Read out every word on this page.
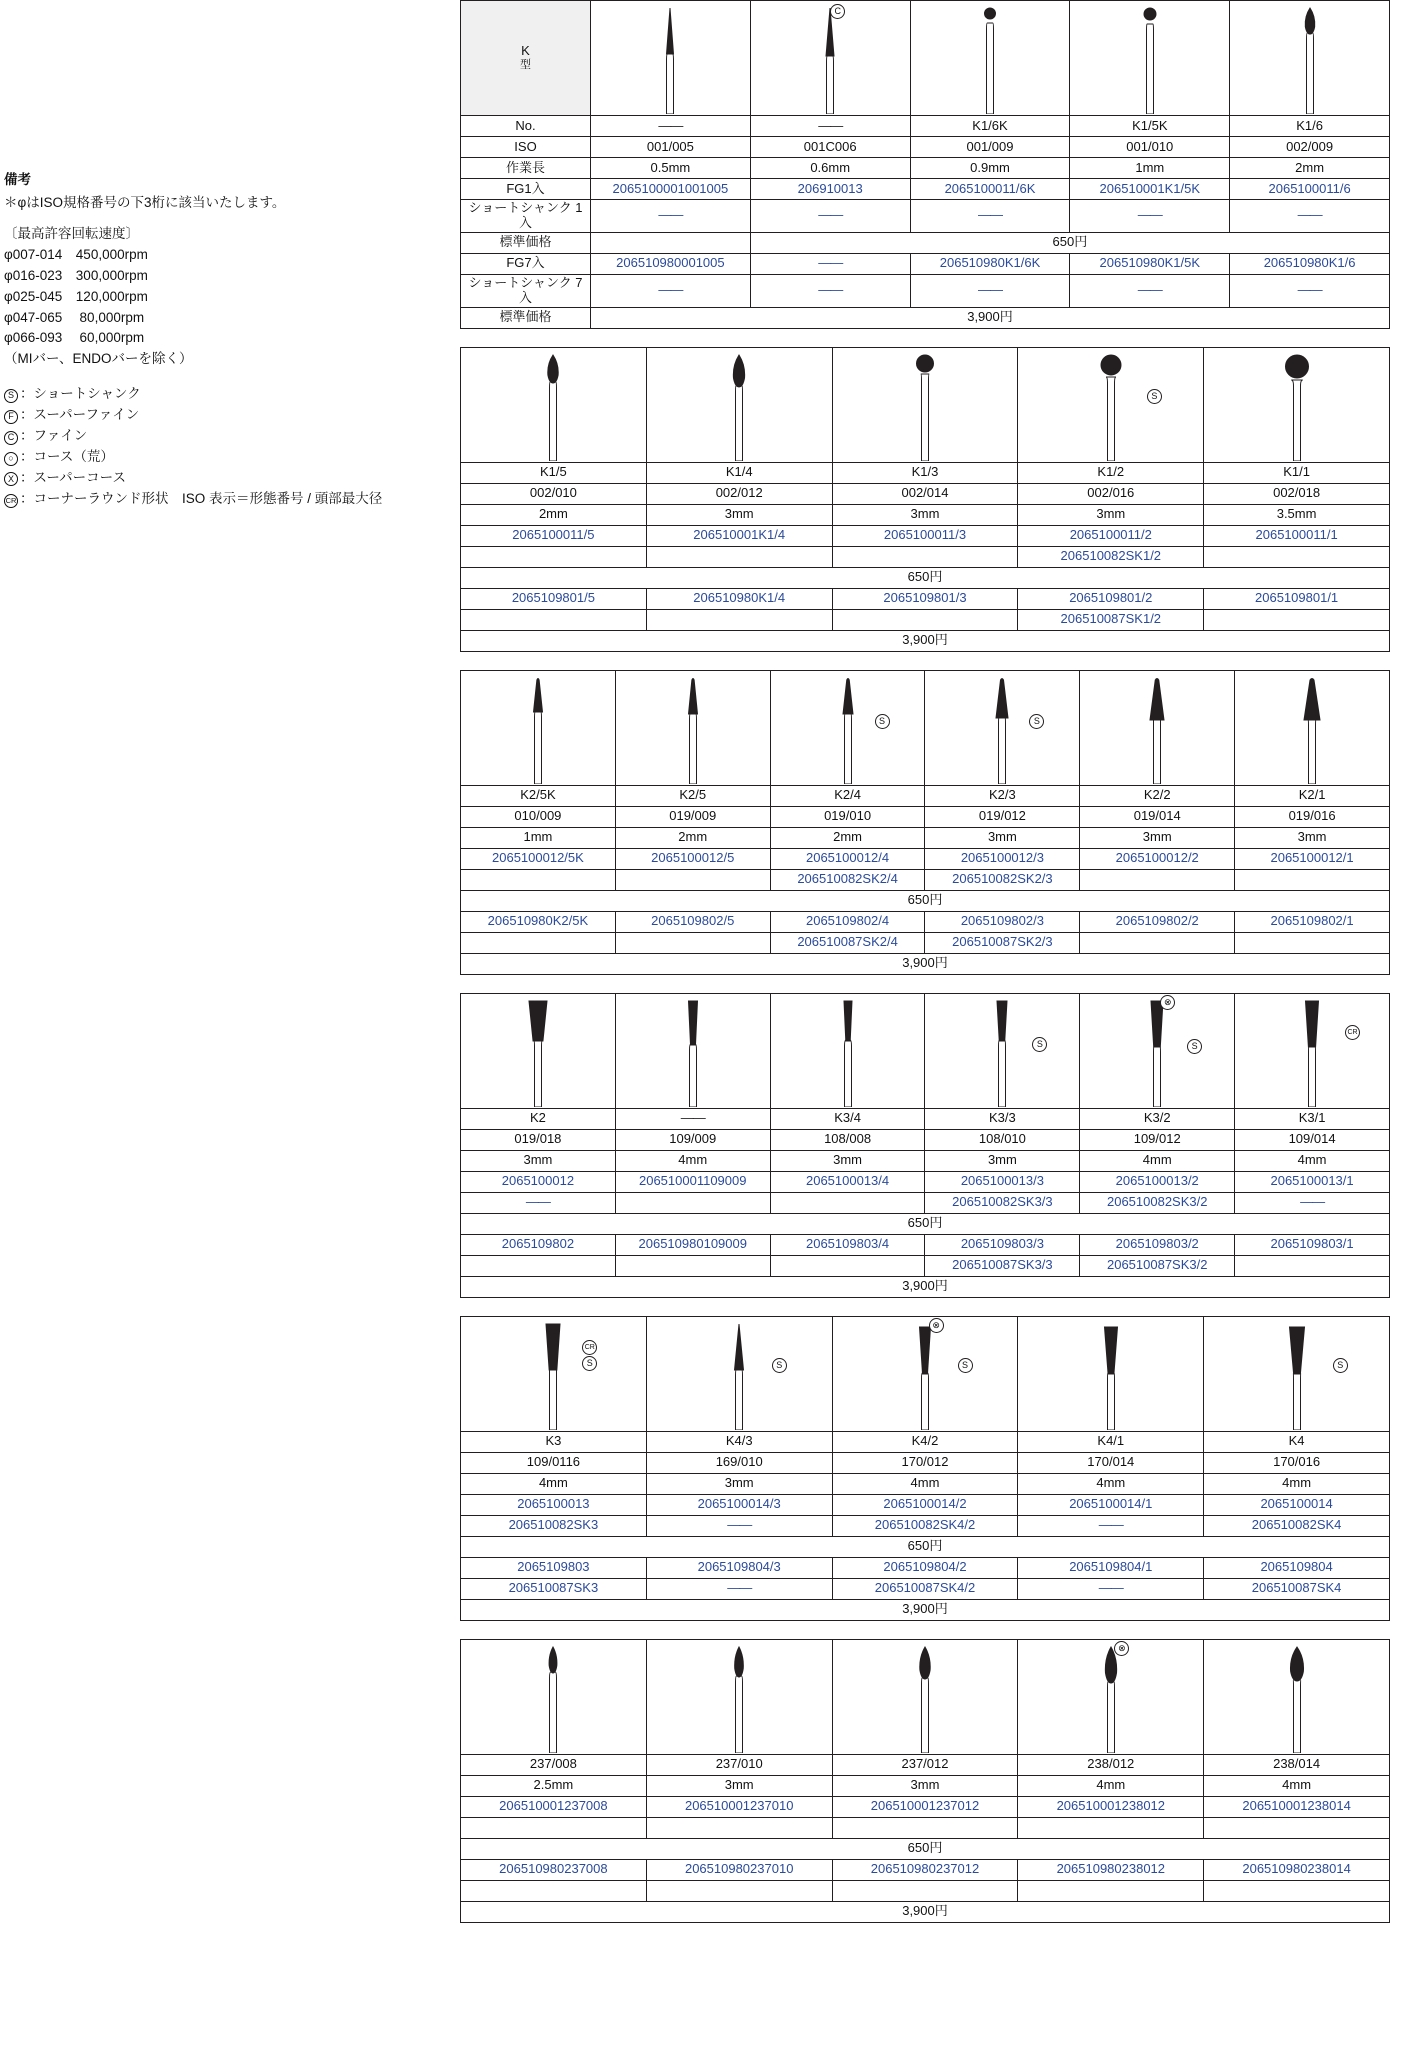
備考
＊φはISO規格番号の下3桁に該当いたします。
〔最高許容回転速度〕
φ007-014　450,000rpm
φ016-023　300,000rpm
φ025-045　120,000rpm
φ047-065　 80,000rpm
φ066-093　 60,000rpm
（MIバー、ENDOバーを除く）
S ：ショートシャンク
F ：スーパーファイン
C ：ファイン
○ ：コース（荒）
X ：スーパーコース
CR ：コーナーラウンド形状　ISO 表示＝形態番号 / 頭部最大径
K
型		C

No.	——	——	K1/6K	K1/5K	K1/6
ISO	001/005	001C006	001/009	001/010	002/009
作業長	0.5mm	0.6mm	0.9mm	1mm	2mm
FG1入	2065100001001005	206910013	2065100011/6K	206510001K1/5K	2065100011/6
ショートシャンク 1入	——	——	——	——	——
標準価格		650円			
FG7入	206510980001005	——	206510980K1/6K	206510980K1/5K	206510980K1/6
ショートシャンク 7入	——	——	——	——	——
標準価格	3,900円				

S

K1/5	K1/4	K1/3	K1/2	K1/1
002/010	002/012	002/014	002/016	002/018
2mm	3mm	3mm	3mm	3.5mm
2065100011/5	206510001K1/4	2065100011/3	2065100011/2	2065100011/1
			206510082SK1/2	
650円				
2065109801/5	206510980K1/4	2065109801/3	2065109801/2	2065109801/1
			206510087SK1/2	
3,900円				

S	S

K2/5K	K2/5	K2/4	K2/3	K2/2	K2/1
010/009	019/009	019/010	019/012	019/014	019/016
1mm	2mm	2mm	3mm	3mm	3mm
2065100012/5K	2065100012/5	2065100012/4	2065100012/3	2065100012/2	2065100012/1
		206510082SK2/4	206510082SK2/3		
650円					
206510980K2/5K	2065109802/5	2065109802/4	2065109802/3	2065109802/2	2065109802/1
		206510087SK2/4	206510087SK2/3		
3,900円					

S	⊗
S	CR

K2	——	K3/4	K3/3	K3/2	K3/1
019/018	109/009	108/008	108/010	109/012	109/014
3mm	4mm	3mm	3mm	4mm	4mm
2065100012	206510001109009	2065100013/4	2065100013/3	2065100013/2	2065100013/1
——			206510082SK3/3	206510082SK3/2	——
650円					
2065109802	206510980109009	2065109803/4	2065109803/3	2065109803/2	2065109803/1
			206510087SK3/3	206510087SK3/2	
3,900円					
CR
S	S

⊗
S		S

K3	K4/3	K4/2	K4/1	K4
109/0116	169/010	170/012	170/014	170/016
4mm	3mm	4mm	4mm	4mm
2065100013	2065100014/3	2065100014/2	2065100014/1	2065100014
206510082SK3	——	206510082SK4/2	——	206510082SK4
650円				
2065109803	2065109804/3	2065109804/2	2065109804/1	2065109804
206510087SK3	——	206510087SK4/2	——	206510087SK4
3,900円				

⊗

237/008	237/010	237/012	238/012	238/014
2.5mm	3mm	3mm	4mm	4mm
206510001237008	206510001237010	206510001237012	206510001238012	206510001238014

650円				
206510980237008	206510980237010	206510980237012	206510980238012	206510980238014

3,900円				
